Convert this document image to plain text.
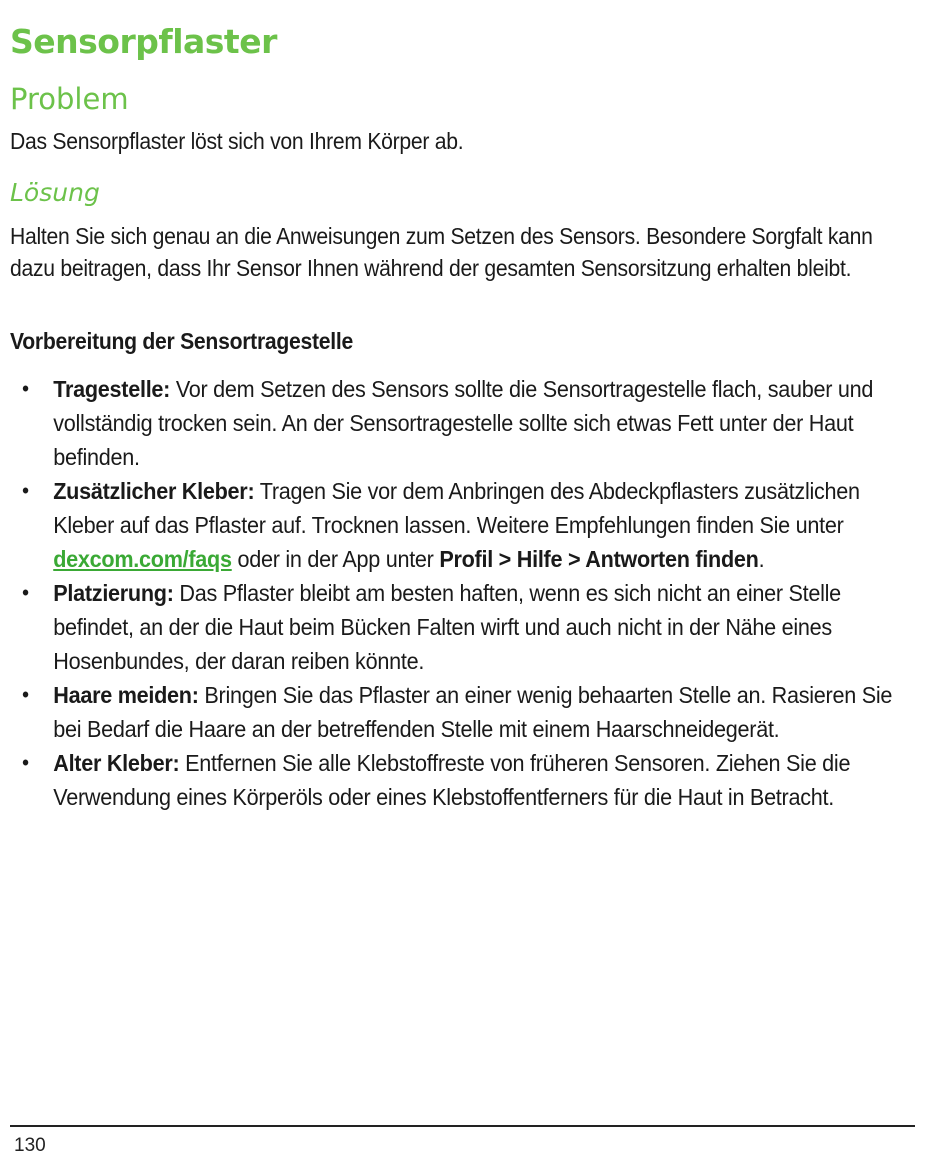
Sensorpflaster
Problem
Das Sensorpflaster löst sich von Ihrem Körper ab.
Lösung
Halten Sie sich genau an die Anweisungen zum Setzen des Sensors. Besondere Sorgfalt kann dazu beitragen, dass Ihr Sensor Ihnen während der gesamten Sensorsitzung erhalten bleibt.
Vorbereitung der Sensortragestelle
• Tragestelle: Vor dem Setzen des Sensors sollte die Sensortragestelle flach, sauber und vollständig trocken sein. An der Sensortragestelle sollte sich etwas Fett unter der Haut befinden.
• Zusätzlicher Kleber: Tragen Sie vor dem Anbringen des Abdeckpflasters zusätzlichen Kleber auf das Pflaster auf. Trocknen lassen. Weitere Empfehlungen finden Sie unter dexcom.com/faqs oder in der App unter Profil > Hilfe > Antworten finden.
• Platzierung: Das Pflaster bleibt am besten haften, wenn es sich nicht an einer Stelle befindet, an der die Haut beim Bücken Falten wirft und auch nicht in der Nähe eines Hosenbundes, der daran reiben könnte.
• Haare meiden: Bringen Sie das Pflaster an einer wenig behaarten Stelle an. Rasieren Sie bei Bedarf die Haare an der betreffenden Stelle mit einem Haarschneidegerät.
• Alter Kleber: Entfernen Sie alle Klebstoffreste von früheren Sensoren. Ziehen Sie die Verwendung eines Körperöls oder eines Klebstoffentferners für die Haut in Betracht.
130
